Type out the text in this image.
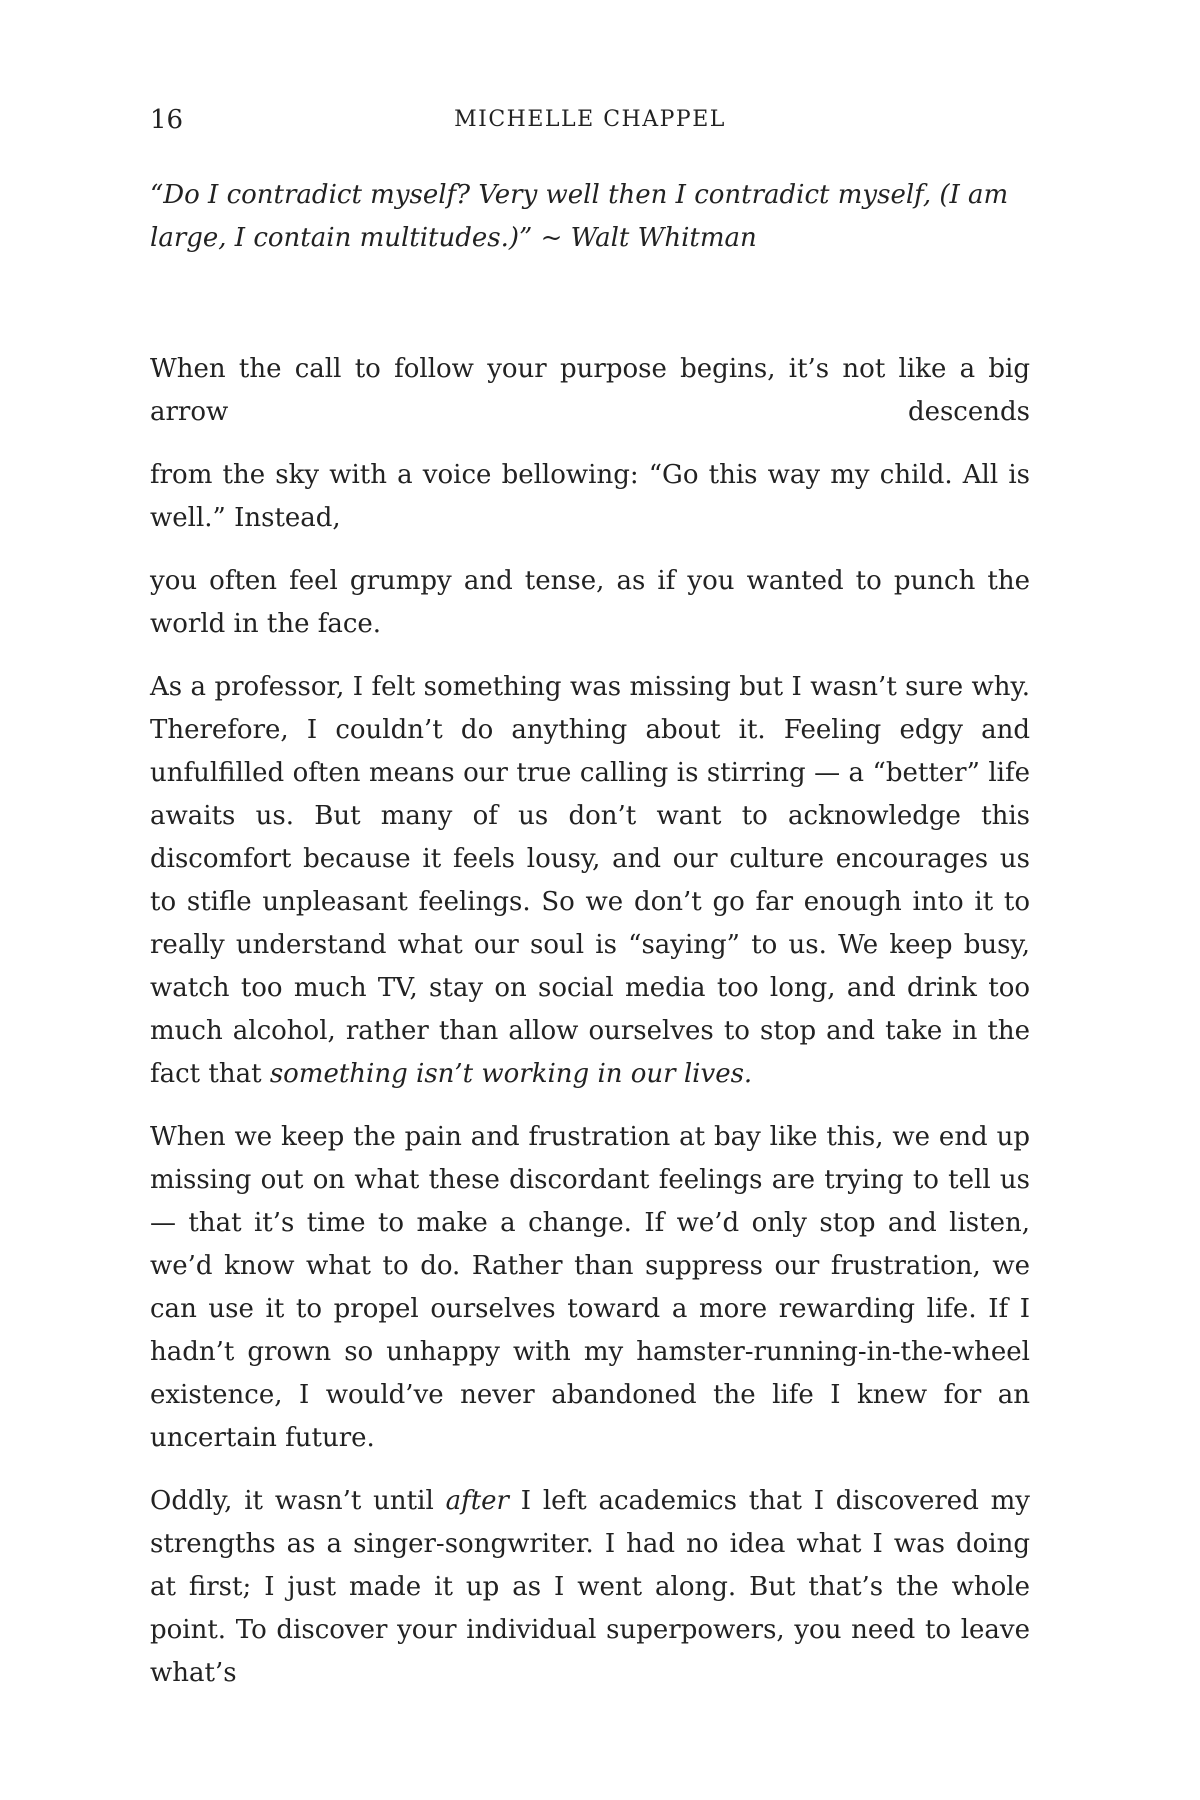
16	MICHELLE CHAPPEL

“Do I contradict myself? Very well then I contradict myself, (I am large, I contain multitudes.)” ~ Walt Whitman

When the call to follow your purpose begins, it’s not like a big arrow descends

from the sky with a voice bellowing: “Go this way my child. All is well.” Instead,

you often feel grumpy and tense, as if you wanted to punch the world in the face.

As a professor, I felt something was missing but I wasn’t sure why. Therefore, I couldn’t do anything about it. Feeling edgy and unfulfilled often means our true calling is stirring — a “better” life awaits us. But many of us don’t want to acknowledge this discomfort because it feels lousy, and our culture encourages us to stifle unpleasant feelings. So we don’t go far enough into it to really understand what our soul is “saying” to us. We keep busy, watch too much TV, stay on social media too long, and drink too much alcohol, rather than allow ourselves to stop and take in the fact that something isn’t working in our lives.

When we keep the pain and frustration at bay like this, we end up missing out on what these discordant feelings are trying to tell us — that it’s time to make a change. If we’d only stop and listen, we’d know what to do. Rather than suppress our frustration, we can use it to propel ourselves toward a more rewarding life. If I hadn’t grown so unhappy with my hamster-running-in-the-wheel existence, I would’ve never abandoned the life I knew for an uncertain future.

Oddly, it wasn’t until after I left academics that I discovered my strengths as a singer-songwriter. I had no idea what I was doing at first; I just made it up as I went along. But that’s the whole point. To discover your individual superpowers, you need to leave what’s
